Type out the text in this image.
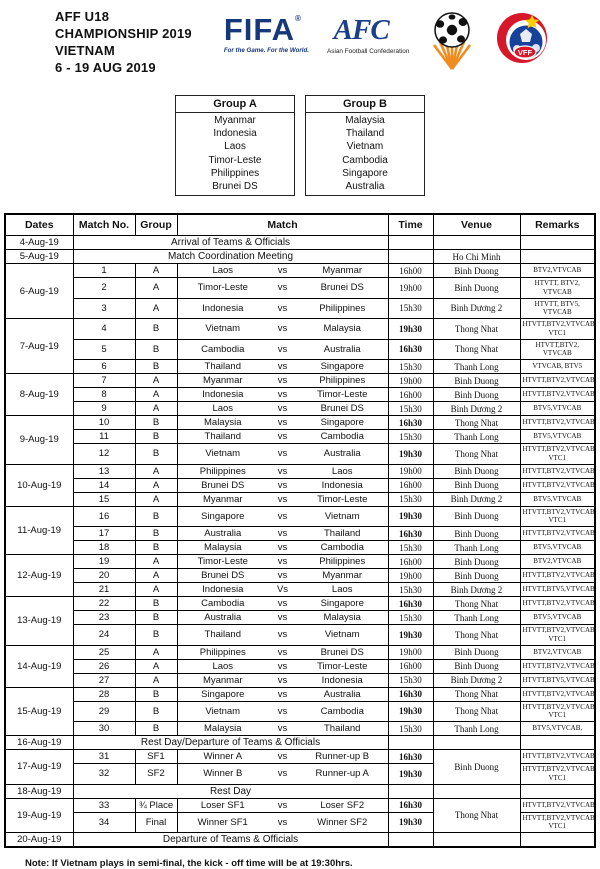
AFF U18
CHAMPIONSHIP 2019
VIETNAM
6 - 19 AUG 2019
FIFA®
For the Game. For the World.
AFC
Asian Football Confederation	VFF
Group A
Myanmar
Indonesia
Laos
Timor-Leste
Philippines
Brunei DS
Group B
Malaysia
Thailand
Vietnam
Cambodia
Singapore
Australia
Dates	Match No.	Group	Match	Time	Venue	Remarks
4-Aug-19	Arrival of Teams & Officials					
5-Aug-19	Match Coordination Meeting				Ho Chi Minh	
6-Aug-19	1	A	Laos vs Myanmar	16h00	Binh Duong	BTV2,VTVCAB
	2	A	Timor-Leste vs Brunei DS	19h00	Binh Duong	HTVTT, BTV2, VTVCAB
	3	A	Indonesia vs Philippines	15h30	Bình Dương 2	HTVTT, BTV5, VTVCAB
7-Aug-19	4	B	Vietnam vs Malaysia	19h30	Thong Nhat	HTVTT,BTV2,VTVCAB, VTC1
	5	B	Cambodia vs Australia	16h30	Thong Nhat	HTVTT,BTV2, VTVCAB
	6	B	Thailand vs Singapore	15h30	Thanh Long	VTVCAB, BTV5
8-Aug-19	7	A	Myanmar vs Philippines	19h00	Binh Duong	HTVTT,BTV2,VTVCAB,
	8	A	Indonesia vs Timor-Leste	16h00	Binh Duong	HTVTT,BTV2,VTVCAB,
	9	A	Laos vs Brunei DS	15h30	Bình Dương 2	BTV5,VTVCAB
9-Aug-19	10	B	Malaysia vs Singapore	16h30	Thong Nhat	HTVTT,BTV2,VTVCAB,
	11	B	Thailand vs Cambodia	15h30	Thanh Long	BTV5,VTVCAB
	12	B	Vietnam vs Australia	19h30	Thong Nhat	HTVTT,BTV2,VTVCAB VTC1
10-Aug-19	13	A	Philippines vs Laos	19h00	Binh Duong	HTVTT,BTV2,VTVCAB
	14	A	Brunei DS vs Indonesia	16h00	Binh Duong	HTVTT,BTV2,VTVCAB
	15	A	Myanmar vs Timor-Leste	15h30	Bình Dương 2	BTV5,VTVCAB
11-Aug-19	16	B	Singapore vs Vietnam	19h30	Binh Duong	HTVTT,BTV2,VTVCAB, VTC1
	17	B	Australia vs Thailand	16h30	Binh Duong	HTVTT,BTV2,VTVCAB,
	18	B	Malaysia vs Cambodia	15h30	Thanh Long	BTV5,VTVCAB
12-Aug-19	19	A	Timor-Leste vs Philippines	16h00	Binh Duong	BTV2,VTVCAB
	20	A	Brunei DS vs Myanmar	19h00	Binh Duong	HTVTT,BTV2,VTVCAB,
	21	A	Indonesia Vs Laos	15h30	Bình Dương 2	HTVTT,BTV5,VTVCAB,
13-Aug-19	22	B	Cambodia vs Singapore	16h30	Thong Nhat	HTVTT,BTV2,VTVCAB,
	23	B	Australia vs Malaysia	15h30	Thanh Long	BTV5,VTVCAB
	24	B	Thailand vs Vietnam	19h30	Thong Nhat	HTVTT,BTV2,VTVCAB, VTC1
14-Aug-19	25	A	Philippines vs Brunei DS	19h00	Binh Duong	BTV2,VTVCAB
	26	A	Laos vs Timor-Leste	16h00	Binh Duong	HTVTT,BTV2,VTVCAB,
	27	A	Myanmar vs Indonesia	15h30	Bình Dương 2	HTVTT,BTV5,VTVCAB,
15-Aug-19	28	B	Singapore vs Australia	16h30	Thong Nhat	HTVTT,BTV2,VTVCAB,
	29	B	Vietnam vs Cambodia	19h30	Thong Nhat	HTVTT,BTV2,VTVCAB, VTC1
	30	B	Malaysia vs Thailand	15h30	Thanh Long	BTV5,VTVCAB,
16-Aug-19	Rest Day/Departure of Teams & Officials					
17-Aug-19	31	SF1	Winner A vs Runner-up B	16h30	Binh Duong	HTVTT,BTV2,VTVCAB,
	32	SF2	Winner B vs Runner-up A	19h30		HTVTT,BTV2,VTVCAB, VTC1
18-Aug-19	Rest Day					
19-Aug-19	33	¾ Place	Loser SF1 vs Loser SF2	16h30	Thong Nhat	HTVTT,BTV2,VTVCAB,
	34	Final	Winner SF1 vs Winner SF2	19h30		HTVTT,BTV2,VTVCAB, VTC1
20-Aug-19	Departure of Teams & Officials					
Note: If Vietnam plays in semi-final, the kick - off time will be at 19:30hrs.
